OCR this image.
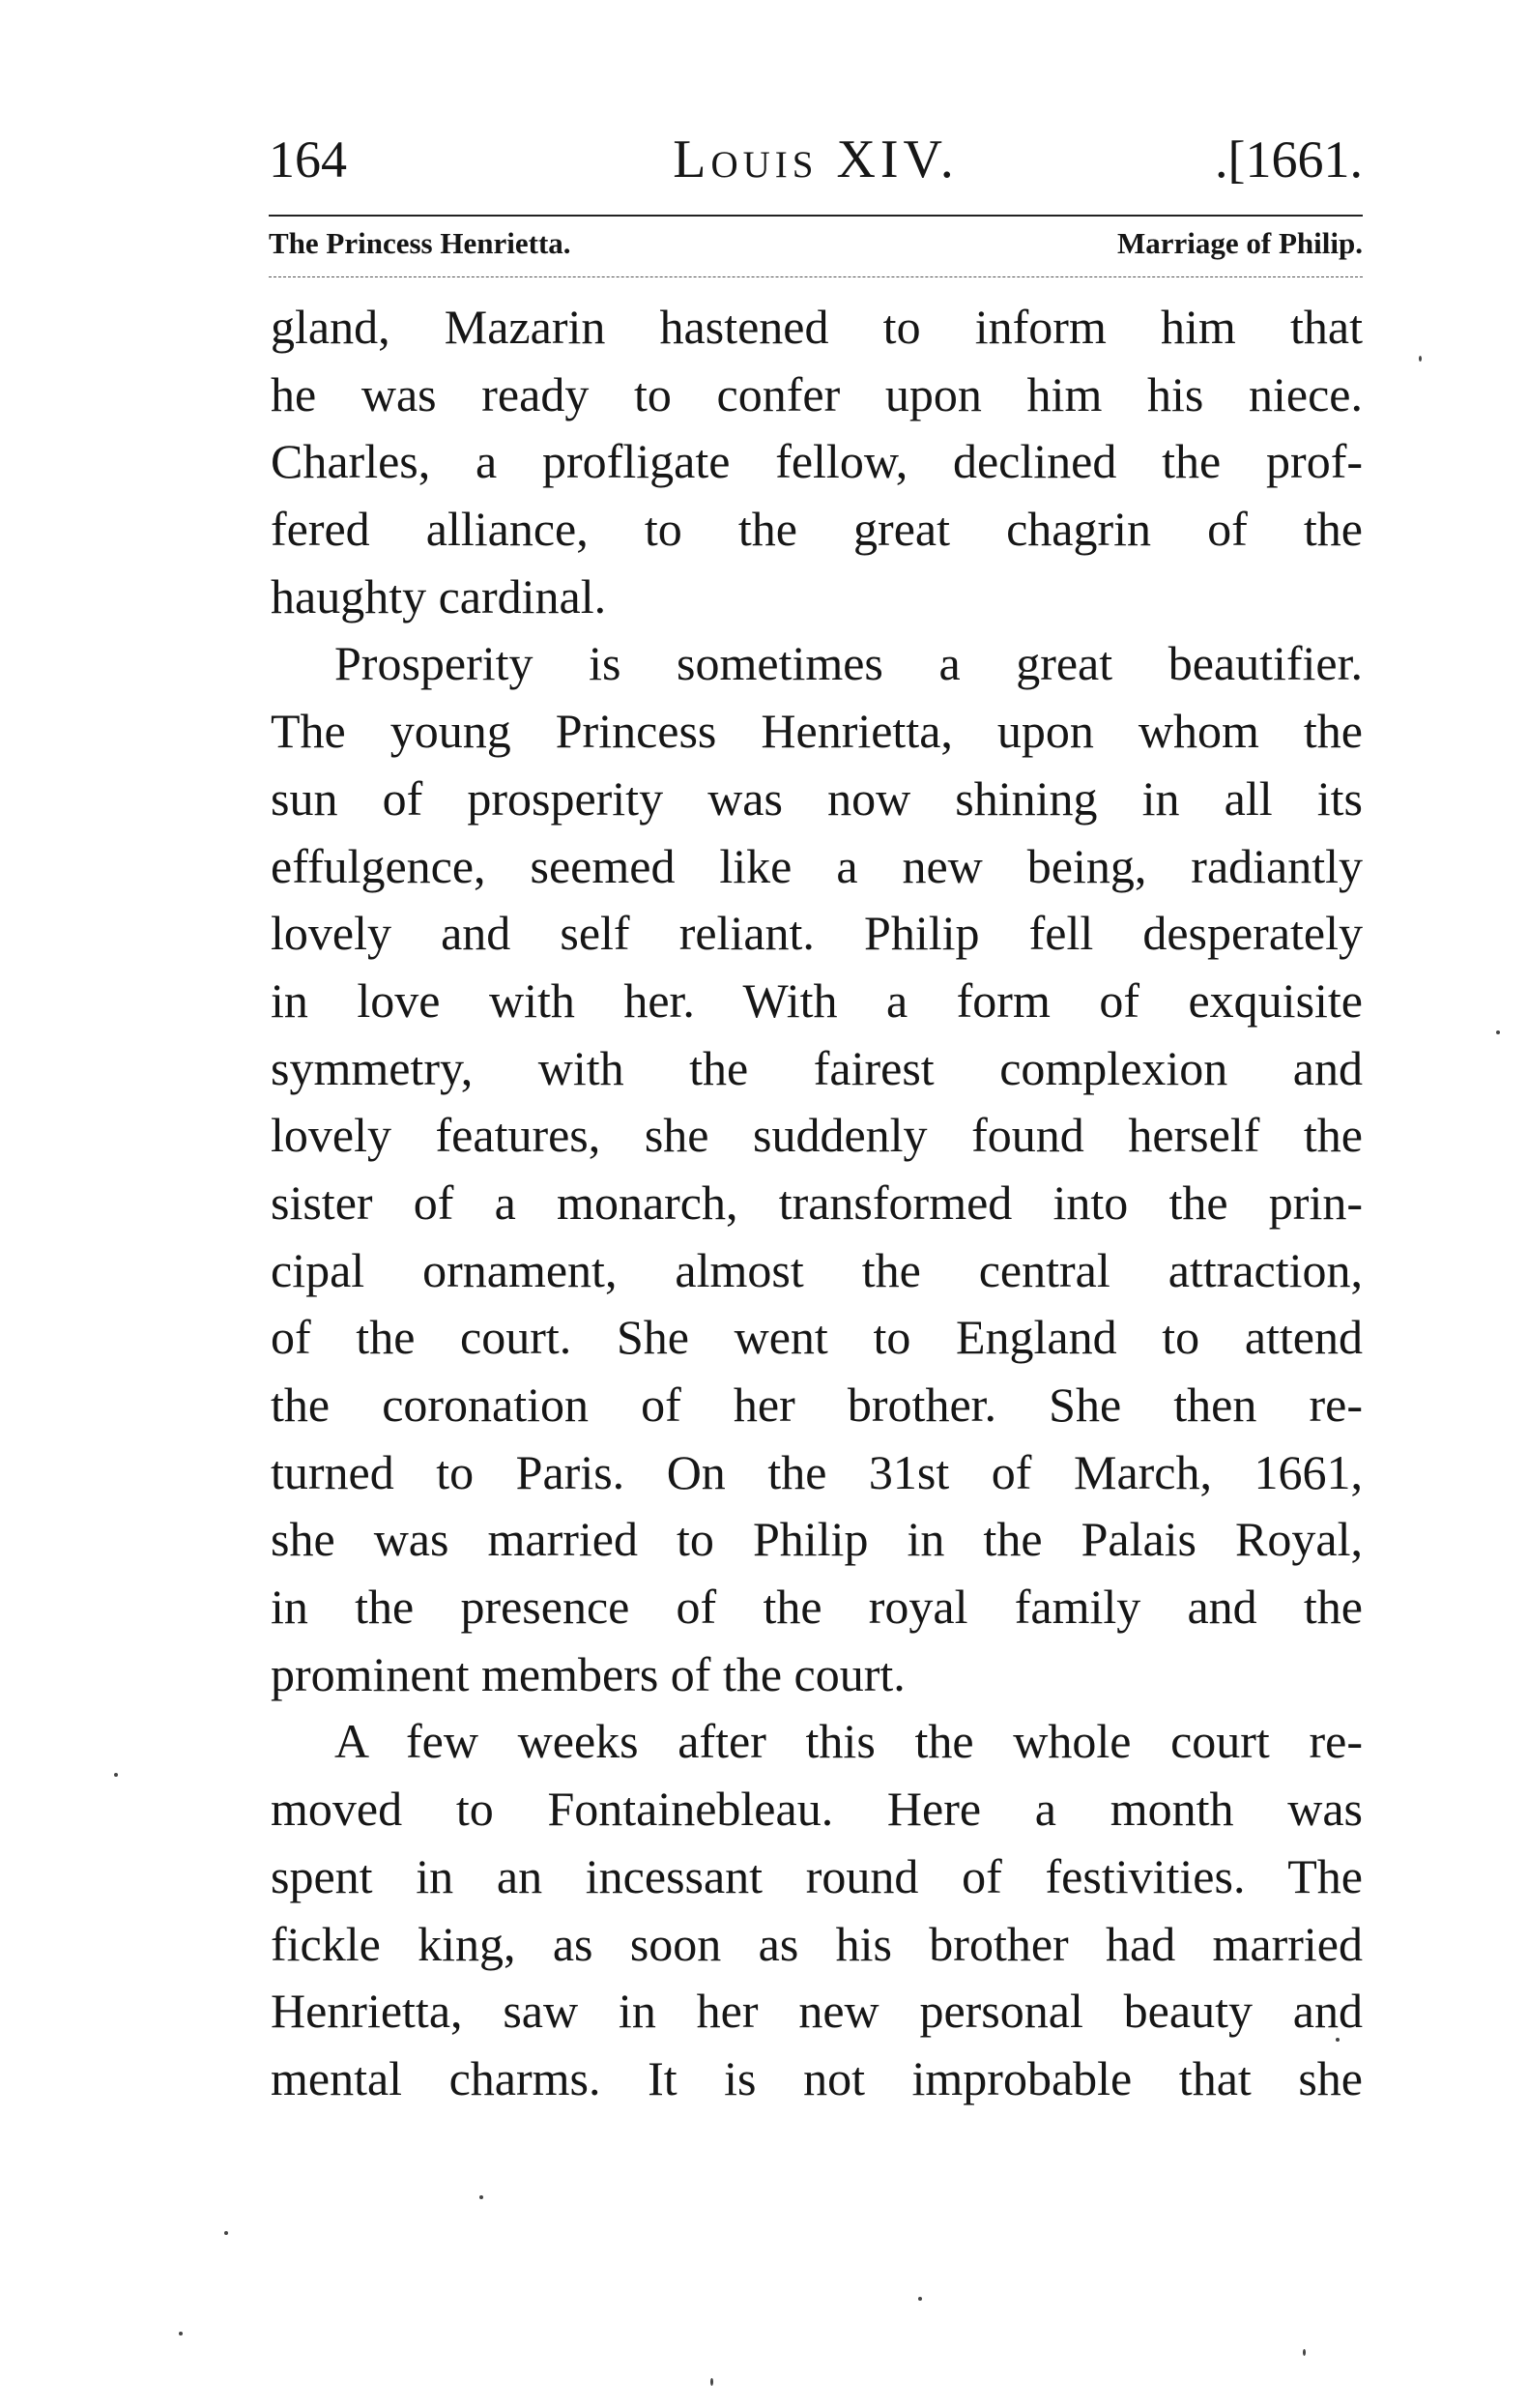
164	Louis XIV.	.[1661.
The Princess Henrietta.	Marriage of Philip.
gland, Mazarin hastened to inform him that
he was ready to confer upon him his niece.
Charles, a profligate fellow, declined the prof-
fered alliance, to the great chagrin of the
haughty cardinal.
Prosperity is sometimes a great beautifier.
The young Princess Henrietta, upon whom the
sun of prosperity was now shining in all its
effulgence, seemed like a new being, radiantly
lovely and self reliant. Philip fell desperately
in love with her. With a form of exquisite
symmetry, with the fairest complexion and
lovely features, she suddenly found herself the
sister of a monarch, transformed into the prin-
cipal ornament, almost the central attraction,
of the court. She went to England to attend
the coronation of her brother. She then re-
turned to Paris. On the 31st of March, 1661,
she was married to Philip in the Palais Royal,
in the presence of the royal family and the
prominent members of the court.
A few weeks after this the whole court re-
moved to Fontainebleau. Here a month was
spent in an incessant round of festivities. The
fickle king, as soon as his brother had married
Henrietta, saw in her new personal beauty and
mental charms. It is not improbable that she
